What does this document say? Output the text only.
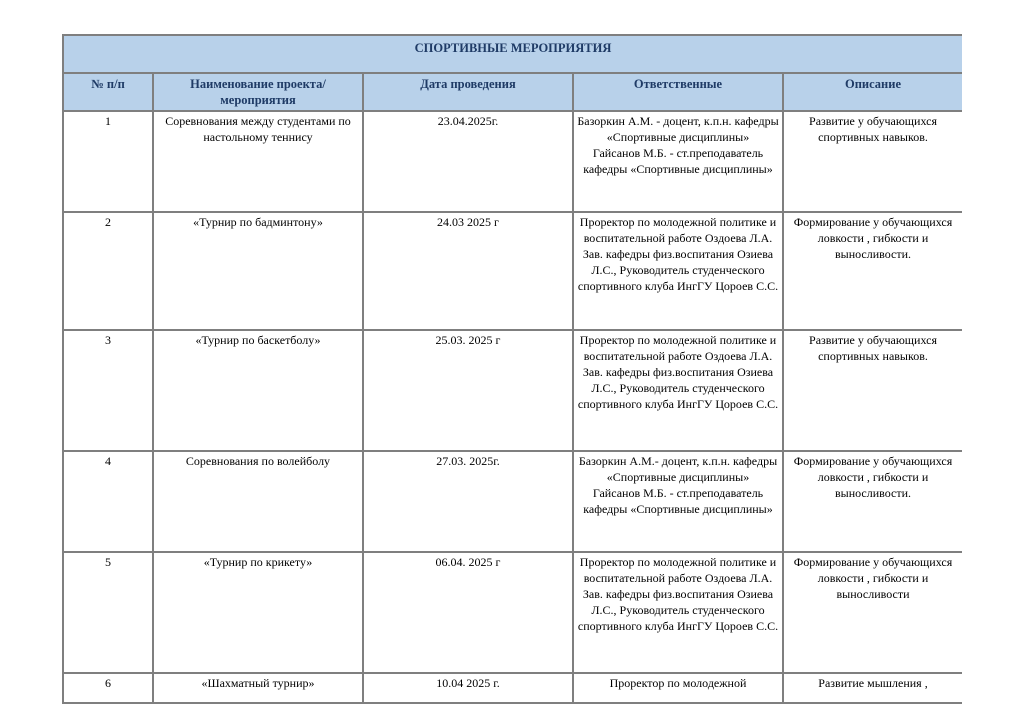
СПОРТИВНЫЕ МЕРОПРИЯТИЯ				
№ п/п	Наименование проекта/мероприятия	Дата проведения	Ответственные	Описание
1	Соревнования между студентами по настольному теннису	23.04.2025г.	Базоркин А.М. - доцент, к.п.н. кафедры «Спортивные дисциплины»
Гайсанов М.Б. - ст.преподаватель кафедры «Спортивные дисциплины»	Развитие у обучающихся спортивных навыков.

2	«Турнир по бадминтону»	24.03 2025 г	Проректор по молодежной политике и воспитательной работе Оздоева Л.А.
Зав. кафедры физ.воспитания Озиева Л.С., Руководитель студенческого спортивного клуба ИнгГУ Цороев С.С.	Формирование у обучающихся ловкости , гибкости и выносливости.

3	«Турнир по баскетболу»	25.03. 2025 г	Проректор по молодежной политике и воспитательной работе Оздоева Л.А.
Зав. кафедры физ.воспитания Озиева Л.С., Руководитель студенческого спортивного клуба ИнгГУ Цороев С.С.	Развитие у обучающихся спортивных навыков.

4	Соревнования по волейболу	27.03. 2025г.	Базоркин А.М.- доцент, к.п.н. кафедры «Спортивные дисциплины»
Гайсанов М.Б. - ст.преподаватель кафедры «Спортивные дисциплины»	Формирование у обучающихся ловкости , гибкости и выносливости.

5	«Турнир по крикету»	06.04. 2025 г	Проректор по молодежной политике и воспитательной работе Оздоева Л.А.
Зав. кафедры физ.воспитания Озиева Л.С., Руководитель студенческого спортивного клуба ИнгГУ Цороев С.С.	Формирование у обучающихся ловкости , гибкости и выносливости

6	«Шахматный турнир»	10.04 2025 г.	Проректор по молодежной	Развитие мышления ,
